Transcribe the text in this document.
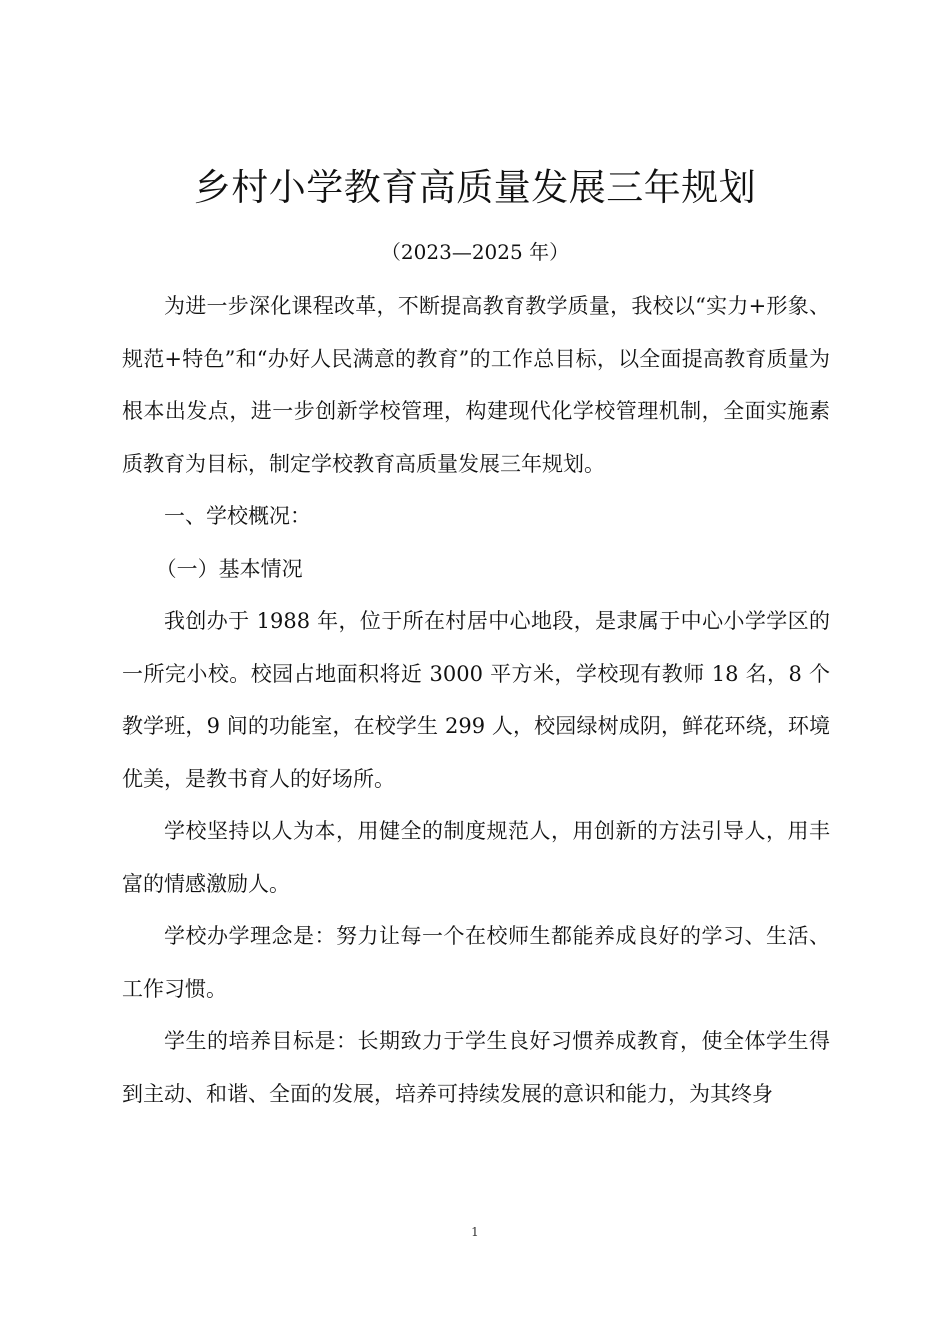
乡村小学教育高质量发展三年规划
（2023—2025 年）

为进一步深化课程改革，不断提高教育教学质量，我校以“实力+形象、规范+特色”和“办好人民满意的教育”的工作总目标，以全面提高教育质量为根本出发点，进一步创新学校管理，构建现代化学校管理机制，全面实施素质教育为目标，制定学校教育高质量发展三年规划。

一、学校概况：

（一）基本情况

我创办于 1988 年，位于所在村居中心地段，是隶属于中心小学学区的一所完小校。校园占地面积将近 3000 平方米，学校现有教师 18 名，8 个教学班，9 间的功能室，在校学生 299 人，校园绿树成阴，鲜花环绕，环境优美，是教书育人的好场所。

学校坚持以人为本，用健全的制度规范人，用创新的方法引导人，用丰富的情感激励人。

学校办学理念是：努力让每一个在校师生都能养成良好的学习、生活、工作习惯。

学生的培养目标是：长期致力于学生良好习惯养成教育，使全体学生得到主动、和谐、全面的发展，培养可持续发展的意识和能力，为其终身

1
